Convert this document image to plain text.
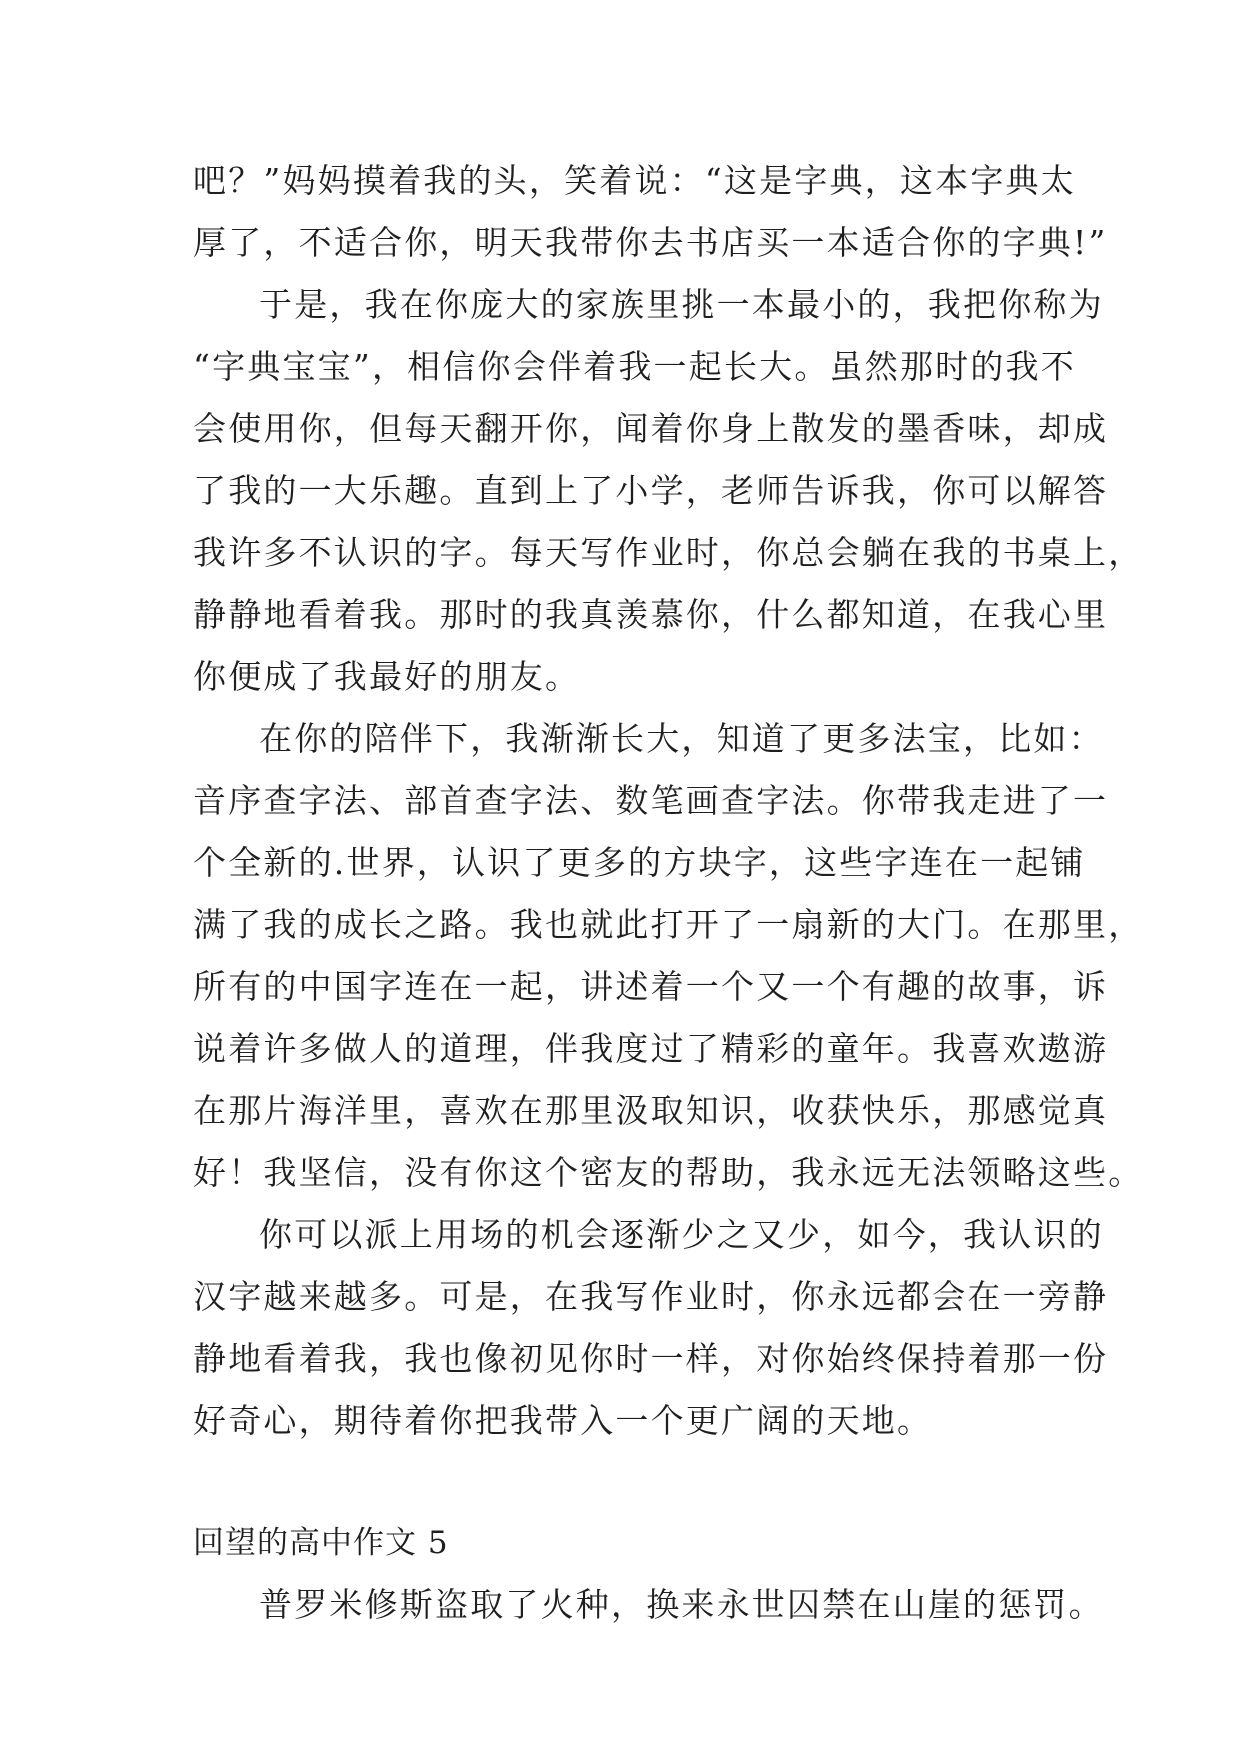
吧？”妈妈摸着我的头，笑着说：“这是字典，这本字典太
厚了，不适合你，明天我带你去书店买一本适合你的字典!”
于是，我在你庞大的家族里挑一本最小的，我把你称为
“字典宝宝”，相信你会伴着我一起长大。虽然那时的我不
会使用你，但每天翻开你，闻着你身上散发的墨香味，却成
了我的一大乐趣。直到上了小学，老师告诉我，你可以解答
我许多不认识的字。每天写作业时，你总会躺在我的书桌上，
静静地看着我。那时的我真羡慕你，什么都知道，在我心里
你便成了我最好的朋友。
在你的陪伴下，我渐渐长大，知道了更多法宝，比如：
音序查字法、部首查字法、数笔画查字法。你带我走进了一
个全新的.世界，认识了更多的方块字，这些字连在一起铺
满了我的成长之路。我也就此打开了一扇新的大门。在那里，
所有的中国字连在一起，讲述着一个又一个有趣的故事，诉
说着许多做人的道理，伴我度过了精彩的童年。我喜欢遨游
在那片海洋里，喜欢在那里汲取知识，收获快乐，那感觉真
好！我坚信，没有你这个密友的帮助，我永远无法领略这些。
你可以派上用场的机会逐渐少之又少，如今，我认识的
汉字越来越多。可是，在我写作业时，你永远都会在一旁静
静地看着我，我也像初见你时一样，对你始终保持着那一份
好奇心，期待着你把我带入一个更广阔的天地。
回望的高中作文 5
普罗米修斯盗取了火种，换来永世囚禁在山崖的惩罚。
